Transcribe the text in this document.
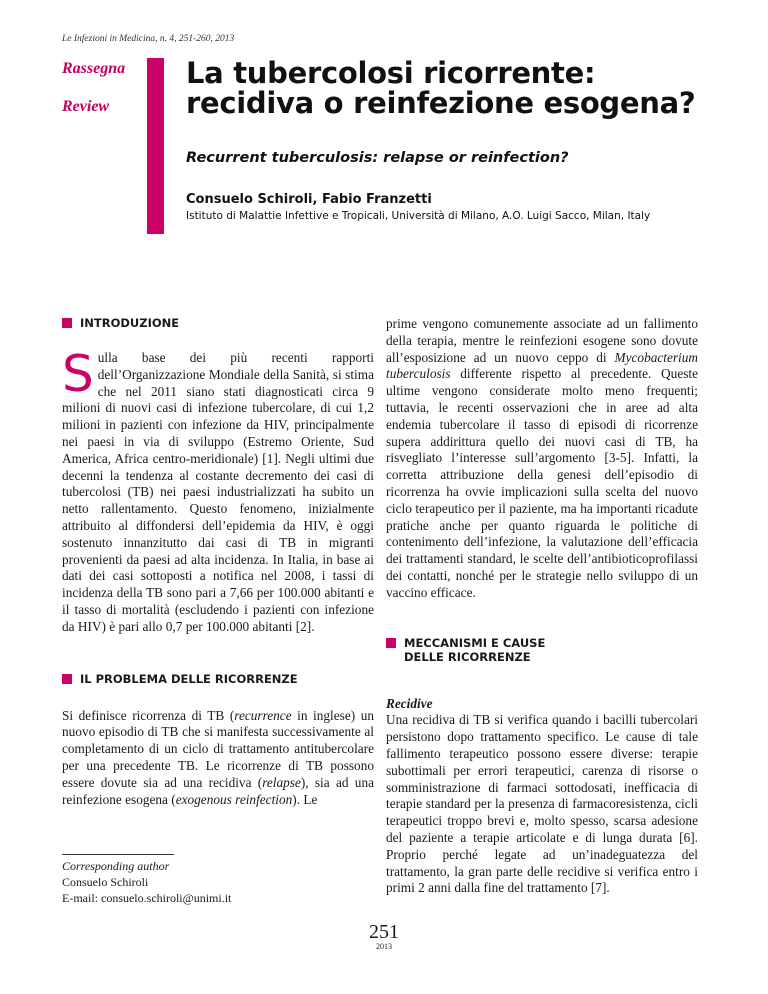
Le Infezioni in Medicina, n. 4, 251-260, 2013
Rassegna
Review
La tubercolosi ricorrente: recidiva o reinfezione esogena?
Recurrent tuberculosis: relapse or reinfection?
Consuelo Schiroli, Fabio Franzetti
Istituto di Malattie Infettive e Tropicali, Università di Milano, A.O. Luigi Sacco, Milan, Italy
INTRODUZIONE

Sulla base dei più recenti rapporti dell’Organizzazione Mondiale della Sanità, si stima che nel 2011 siano stati diagnosticati circa 9 milioni di nuovi casi di infezione tubercolare, di cui 1,2 milioni in pazienti con infezione da HIV, principalmente nei paesi in via di sviluppo (Estremo Oriente, Sud America, Africa centro-meridionale) [1]. Negli ultimi due decenni la tendenza al costante decremento dei casi di tubercolosi (TB) nei paesi industrializzati ha subito un netto rallentamento. Questo fenomeno, inizialmente attribuito al diffondersi dell’epidemia da HIV, è oggi sostenuto innanzitutto dai casi di TB in migranti provenienti da paesi ad alta incidenza. In Italia, in base ai dati dei casi sottoposti a notifica nel 2008, i tassi di incidenza della TB sono pari a 7,66 per 100.000 abitanti e il tasso di mortalità (escludendo i pazienti con infezione da HIV) è pari allo 0,7 per 100.000 abitanti [2].

IL PROBLEMA DELLE RICORRENZE

Si definisce ricorrenza di TB (recurrence in inglese) un nuovo episodio di TB che si manifesta successivamente al completamento di un ciclo di trattamento antitubercolare per una precedente TB. Le ricorrenze di TB possono essere dovute sia ad una recidiva (relapse), sia ad una reinfezione esogena (exogenous reinfection). Le

prime vengono comunemente associate ad un fallimento della terapia, mentre le reinfezioni esogene sono dovute all’esposizione ad un nuovo ceppo di Mycobacterium tuberculosis differente rispetto al precedente. Queste ultime vengono considerate molto meno frequenti; tuttavia, le recenti osservazioni che in aree ad alta endemia tubercolare il tasso di episodi di ricorrenze supera addirittura quello dei nuovi casi di TB, ha risvegliato l’interesse sull’argomento [3-5]. Infatti, la corretta attribuzione della genesi dell’episodio di ricorrenza ha ovvie implicazioni sulla scelta del nuovo ciclo terapeutico per il paziente, ma ha importanti ricadute pratiche anche per quanto riguarda le politiche di contenimento dell’infezione, la valutazione dell’efficacia dei trattamenti standard, le scelte dell’antibioticoprofilassi dei contatti, nonché per le strategie nello sviluppo di un vaccino efficace.

MECCANISMI E CAUSE
DELLE RICORRENZE

Recidive

Una recidiva di TB si verifica quando i bacilli tubercolari persistono dopo trattamento specifico. Le cause di tale fallimento terapeutico possono essere diverse: terapie subottimali per errori terapeutici, carenza di risorse o somministrazione di farmaci sottodosati, inefficacia di terapie standard per la presenza di farmacoresistenza, cicli terapeutici troppo brevi e, molto spesso, scarsa adesione del paziente a terapie articolate e di lunga durata [6]. Proprio perché legate ad un’inadeguatezza del trattamento, la gran parte delle recidive si verifica entro i primi 2 anni dalla fine del trattamento [7].

Corresponding author
Consuelo Schiroli
E-mail: consuelo.schiroli@unimi.it
251
2013
